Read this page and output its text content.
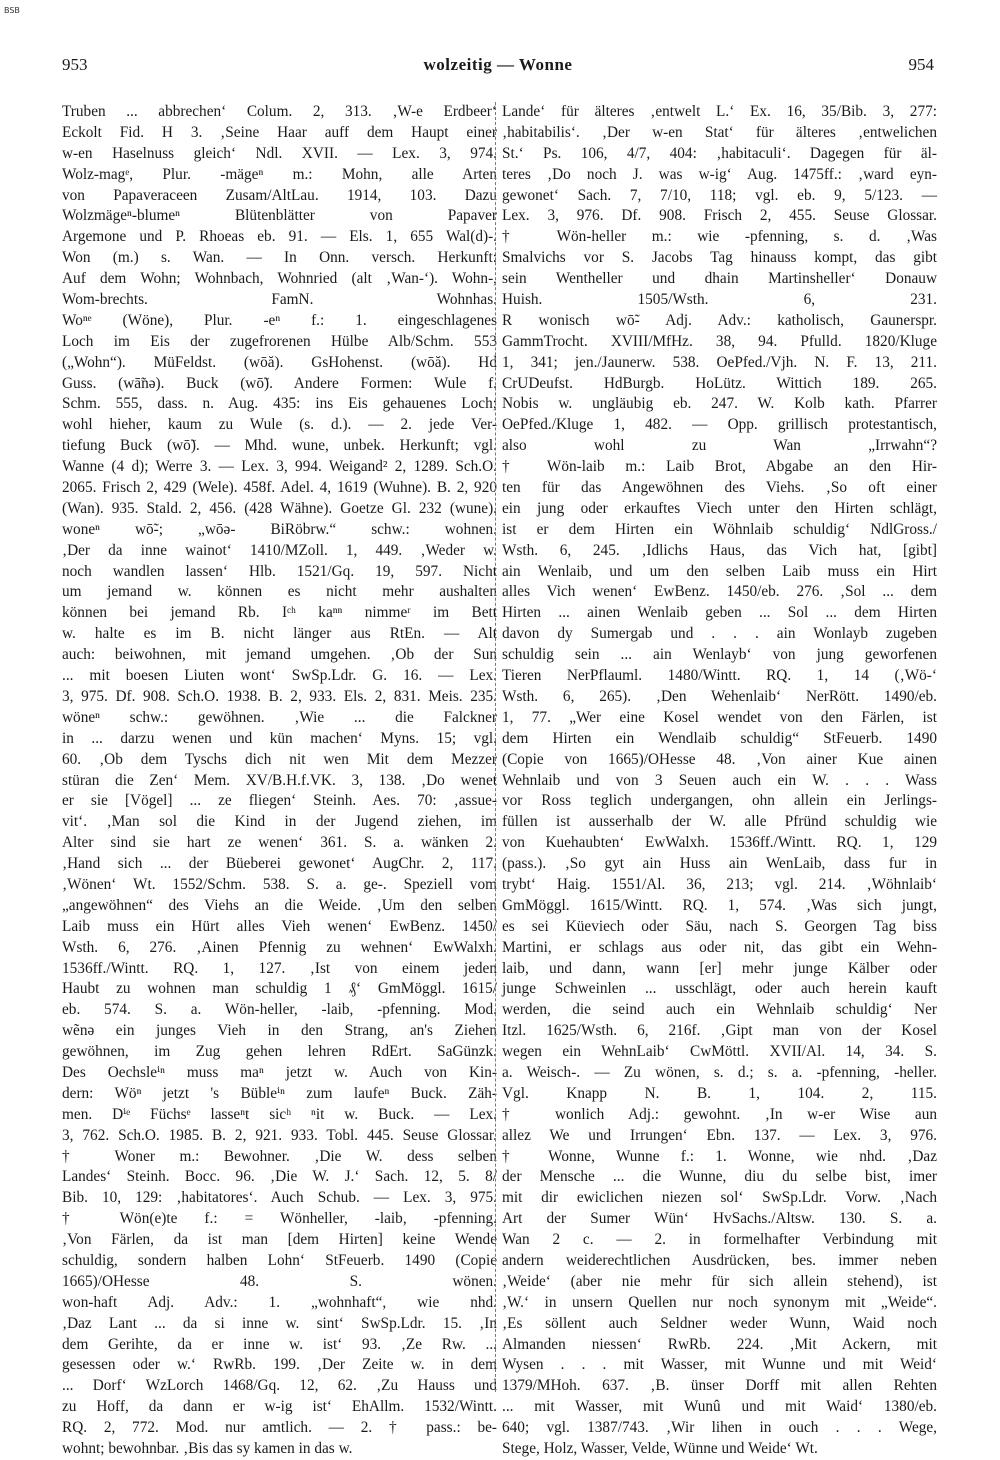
BSB
953	wolzeitig — Wonne	954
Truben ... abbrechen‘ Colum. 2, 313. ‚W-e Erdbeer‘
Eckolt Fid. H 3. ‚Seine Haar auff dem Haupt einer
w-en Haselnuss gleich‘ Ndl. XVII. — Lex. 3, 974.
Wolz-magᵉ, Plur. -mägeⁿ m.: Mohn, alle Arten
von Papaveraceen Zusam/AltLau. 1914, 103. Dazu
Wolzmägeⁿ-blumeⁿ Blütenblätter von Papaver
Argemone und P. Rhoeas eb. 91. — Els. 1, 655 Wal(d)-.
Won (m.) s. Wan. — In Onn. versch. Herkunft:
Auf dem Wohn; Wohnbach, Wohnried (alt ‚Wan-‘). Wohn-,
Wom-brechts. FamN. Wohnhas.
Woⁿᵉ (Wöne), Plur. -eⁿ f.: 1. eingeschlagenes
Loch im Eis der zugefrorenen Hülbe Alb/Schm. 553
(„Wohn“). MüFeldst. (wōă). GsHohenst. (wōă). Hd
Guss. (wā̃nə). Buck (wō̃). Andere Formen: Wule f.
Schm. 555, dass. n. Aug. 435: ins Eis gehauenes Loch;
wohl hieher, kaum zu Wule (s. d.). — 2. jede Ver-
tiefung Buck (wō̃). — Mhd. wune, unbek. Herkunft; vgl.
Wanne (4 d); Werre 3. — Lex. 3, 994. Weigand² 2, 1289. Sch.O.
2065. Frisch 2, 429 (Wele). 458f. Adel. 4, 1619 (Wuhne). B. 2, 920
(Wan). 935. Stald. 2, 456. (428 Wähne). Goetze Gl. 232 (wune).
woneⁿ wō̃-; „wōə- BiRöbrw.“ schw.: wohnen.
‚Der da inne wainot‘ 1410/MZoll. 1, 449. ‚Weder w.
noch wandlen lassen‘ Hlb. 1521/Gq. 19, 597. Nicht
um jemand w. können es nicht mehr aushalten
können bei jemand Rb. Iᶜʰ kaⁿⁿ nimmeʳ im Bett
w. halte es im B. nicht länger aus RtEn. — Alt
auch: beiwohnen, mit jemand umgehen. ‚Ob der Sun
... mit boesen Liuten wont‘ SwSp.Ldr. G. 16. — Lex.
3, 975. Df. 908. Sch.O. 1938. B. 2, 933. Els. 2, 831. Meis. 235.
wöneⁿ schw.: gewöhnen. ‚Wie ... die Falckner
in ... darzu wenen und kün machen‘ Myns. 15; vgl.
60. ‚Ob dem Tyschs dich nit wen Mit dem Mezzer
stüran die Zen‘ Mem. XV/B.H.f.VK. 3, 138. ‚Do wenet
er sie [Vögel] ... ze fliegen‘ Steinh. Aes. 70: ‚assue-
vit‘. ‚Man sol die Kind in der Jugend ziehen, im
Alter sind sie hart ze wenen‘ 361. S. a. wänken 2.
‚Hand sich ... der Büeberei gewonet‘ AugChr. 2, 117.
‚Wönen‘ Wt. 1552/Schm. 538. S. a. ge-. Speziell vom
„angewöhnen“ des Viehs an die Weide. ‚Um den selben
Laib muss ein Hürt alles Vieh wenen‘ EwBenz. 1450/
Wsth. 6, 276. ‚Ainen Pfennig zu wehnen‘ EwWalxh.
1536ff./Wintt. RQ. 1, 127. ‚Ist von einem jeden
Haubt zu wohnen man schuldig 1 ₰‘ GmMöggl. 1615/
eb. 574. S. a. Wön-heller, -laib, -pfenning. Mod.
wẽnə ein junges Vieh in den Strang, an's Ziehen
gewöhnen, im Zug gehen lehren RdErt. SaGünzk.
Des Oechsleⁱⁿ muss maⁿ jetzt w. Auch von Kin-
dern: Wöⁿ jetzt 's Bübleⁱⁿ zum laufeⁿ Buck. Zäh-
men. Dⁱᵉ Füchsᵉ lasseⁿt sicʰ ⁿit w. Buck. — Lex.
3, 762. Sch.O. 1985. B. 2, 921. 933. Tobl. 445. Seuse Glossar.
† Woner m.: Bewohner. ‚Die W. dess selben
Landes‘ Steinh. Bocc. 96. ‚Die W. J.‘ Sach. 12, 5. 8/
Bib. 10, 129: ‚habitatores‘. Auch Schub. — Lex. 3, 975.
† Wön(e)te f.: = Wönheller, -laib, -pfenning.
‚Von Färlen, da ist man [dem Hirten] keine Wende
schuldig, sondern halben Lohn‘ StFeuerb. 1490 (Copie
1665)/OHesse 48. S. wönen.
won-haft Adj. Adv.: 1. „wohnhaft“, wie nhd.
‚Daz Lant ... da si inne w. sint‘ SwSp.Ldr. 15. ‚In
dem Gerihte, da er inne w. ist‘ 93. ‚Ze Rw. ...
gesessen oder w.‘ RwRb. 199. ‚Der Zeite w. in dem
... Dorf‘ WzLorch 1468/Gq. 12, 62. ‚Zu Hauss und
zu Hoff, da dann er w-ig ist‘ EhAllm. 1532/Wintt.
RQ. 2, 772. Mod. nur amtlich. — 2. † pass.: be-
wohnt; bewohnbar. ‚Bis das sy kamen in das w.
Lande‘ für älteres ‚entwelt L.‘ Ex. 16, 35/Bib. 3, 277:
‚habitabilis‘. ‚Der w-en Stat‘ für älteres ‚entwelichen
St.‘ Ps. 106, 4/7, 404: ‚habitaculi‘. Dagegen für äl-
teres ‚Do noch J. was w-ig‘ Aug. 1475ff.: ‚ward eyn-
gewonet‘ Sach. 7, 7/10, 118; vgl. eb. 9, 5/123. —
Lex. 3, 976. Df. 908. Frisch 2, 455. Seuse Glossar.
† Wön-heller m.: wie -pfenning, s. d. ‚Was
Smalvichs vor S. Jacobs Tag hinauss kompt, das gibt
sein Wentheller und dhain Martinsheller‘ Donauw
Huish. 1505/Wsth. 6, 231.
R wonisch wō̃- Adj. Adv.: katholisch, Gaunerspr.
GammTrocht. XVIII/MfHz. 38, 94. Pfulld. 1820/Kluge
1, 341; jen./Jaunerw. 538. OePfed./Vjh. N. F. 13, 211.
CrUDeufst. HdBurgb. HoLütz. Wittich 189. 265.
Nobis w. ungläubig eb. 247. W. Kolb kath. Pfarrer
OePfed./Kluge 1, 482. — Opp. grillisch protestantisch,
also wohl zu Wan „Irrwahn“?
† Wön-laib m.: Laib Brot, Abgabe an den Hir-
ten für das Angewöhnen des Viehs. ‚So oft einer
ein jung oder erkauftes Viech unter den Hirten schlägt,
ist er dem Hirten ein Wöhnlaib schuldig‘ NdlGross./
Wsth. 6, 245. ‚Idlichs Haus, das Vich hat, [gibt]
ain Wenlaib, und um den selben Laib muss ein Hirt
alles Vich wenen‘ EwBenz. 1450/eb. 276. ‚Sol ... dem
Hirten ... ainen Wenlaib geben ... Sol ... dem Hirten
davon dy Sumergab und . . . ain Wonlayb zugeben
schuldig sein ... ain Wenlayb‘ von jung geworfenen
Tieren NerPflauml. 1480/Wintt. RQ. 1, 14 (‚Wö-‘
Wsth. 6, 265). ‚Den Wehenlaib‘ NerRött. 1490/eb.
1, 77. „Wer eine Kosel wendet von den Färlen, ist
dem Hirten ein Wendlaib schuldig“ StFeuerb. 1490
(Copie von 1665)/OHesse 48. ‚Von ainer Kue ainen
Wehnlaib und von 3 Seuen auch ein W. . . . Wass
vor Ross teglich undergangen, ohn allein ein Jerlings-
füllen ist ausserhalb der W. alle Pfründ schuldig wie
von Kuehaubten‘ EwWalxh. 1536ff./Wintt. RQ. 1, 129
(pass.). ‚So gyt ain Huss ain WenLaib, dass fur in
trybt‘ Haig. 1551/Al. 36, 213; vgl. 214. ‚Wöhnlaib‘
GmMöggl. 1615/Wintt. RQ. 1, 574. ‚Was sich jungt,
es sei Küeviech oder Säu, nach S. Georgen Tag biss
Martini, er schlags aus oder nit, das gibt ein Wehn-
laib, und dann, wann [er] mehr junge Kälber oder
junge Schweinlen ... usschlägt, oder auch herein kauft
werden, die seind auch ein Wehnlaib schuldig‘ Ner
Itzl. 1625/Wsth. 6, 216f. ‚Gipt man von der Kosel
wegen ein WehnLaib‘ CwMöttl. XVII/Al. 14, 34. S.
a. Weisch-. — Zu wönen, s. d.; s. a. -pfenning, -heller.
Vgl. Knapp N. B. 1, 104. 2, 115.
† wonlich Adj.: gewohnt. ‚In w-er Wise aun
allez We und Irrungen‘ Ebn. 137. — Lex. 3, 976.
† Wonne, Wunne f.: 1. Wonne, wie nhd. ‚Daz
der Mensche ... die Wunne, diu du selbe bist, imer
mit dir ewiclichen niezen sol‘ SwSp.Ldr. Vorw. ‚Nach
Art der Sumer Wün‘ HvSachs./Altsw. 130. S. a.
Wan 2 c. — 2. in formelhafter Verbindung mit
andern weiderechtlichen Ausdrücken, bes. immer neben
‚Weide‘ (aber nie mehr für sich allein stehend), ist
‚W.‘ in unsern Quellen nur noch synonym mit „Weide“.
‚Es söllent auch Seldner weder Wunn, Waid noch
Almanden niessen‘ RwRb. 224. ‚Mit Ackern, mit
Wysen . . . mit Wasser, mit Wunne und mit Weid‘
1379/MHoh. 637. ‚B. ünser Dorff mit allen Rehten
... mit Wasser, mit Wunû und mit Waid‘ 1380/eb.
640; vgl. 1387/743. ‚Wir lihen in ouch . . . Wege,
Stege, Holz, Wasser, Velde, Wünne und Weide‘ Wt.
